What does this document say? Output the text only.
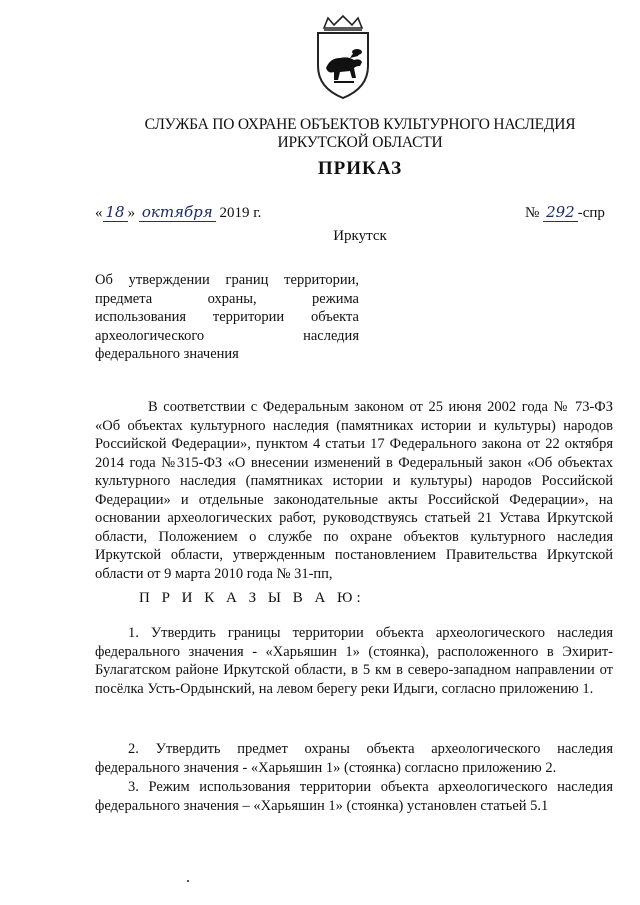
СЛУЖБА ПО ОХРАНЕ ОБЪЕКТОВ КУЛЬТУРНОГО НАСЛЕДИЯ
ИРКУТСКОЙ ОБЛАСТИ
ПРИКАЗ
« 18 » октября 2019 г.	№ 292 -спр
Иркутск
Об утверждении границ территории,
предмета охраны, режима
использования территории объекта
археологического наследия
федерального значения
В соответствии с Федеральным законом от 25 июня 2002 года № 73-ФЗ «Об объектах культурного наследия (памятниках истории и культуры) народов Российской Федерации», пунктом 4 статьи 17 Федерального закона от 22 октября 2014 года №315-ФЗ «О внесении изменений в Федеральный закон «Об объектах культурного наследия (памятниках истории и культуры) народов Российской Федерации» и отдельные законодательные акты Российской Федерации», на основании археологических работ, руководствуясь статьей 21 Устава Иркутской области, Положением о службе по охране объектов культурного наследия Иркутской области, утвержденным постановлением Правительства Иркутской области от 9 марта 2010 года № 31-пп,
П Р И К А З Ы В А Ю:
1. Утвердить границы территории объекта археологического наследия федерального значения - «Харьяшин 1» (стоянка), расположенного в Эхирит-Булагатском районе Иркутской области, в 5 км в северо-западном направлении от посёлка Усть-Ордынский, на левом берегу реки Идыги, согласно приложению 1.
2. Утвердить предмет охраны объекта археологического наследия федерального значения - «Харьяшин 1» (стоянка) согласно приложению 2.
3. Режим использования территории объекта археологического наследия федерального значения – «Харьяшин 1» (стоянка) установлен статьей 5.1
